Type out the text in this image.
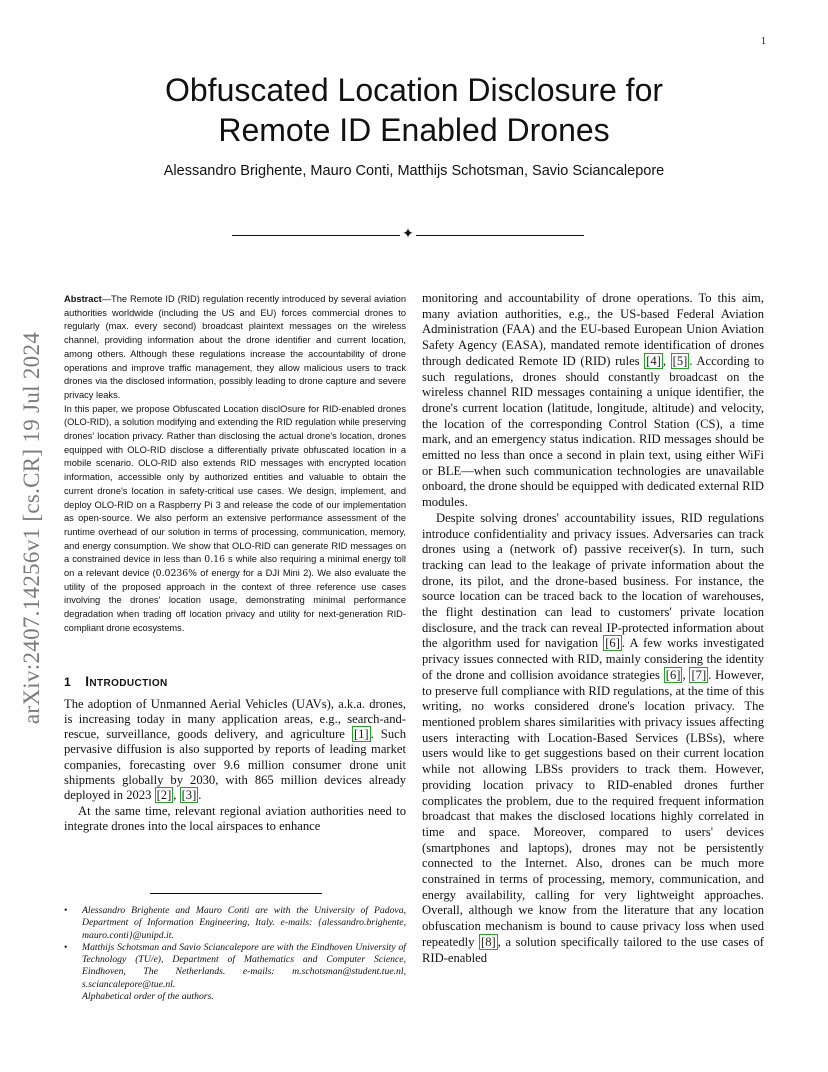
1
arXiv:2407.14256v1 [cs.CR] 19 Jul 2024
Obfuscated Location Disclosure for
Remote ID Enabled Drones
Alessandro Brighente, Mauro Conti, Matthijs Schotsman, Savio Sciancalepore
✦

Abstract—The Remote ID (RID) regulation recently introduced by several aviation authorities worldwide (including the US and EU) forces commercial drones to regularly (max. every second) broadcast plaintext messages on the wireless channel, providing information about the drone identifier and current location, among others. Although these regulations increase the accountability of drone operations and improve traffic management, they allow malicious users to track drones via the disclosed information, possibly leading to drone capture and severe privacy leaks.

In this paper, we propose Obfuscated Location disclOsure for RID-enabled drones (OLO-RID), a solution modifying and extending the RID regulation while preserving drones' location privacy. Rather than disclosing the actual drone's location, drones equipped with OLO-RID disclose a differentially private obfuscated location in a mobile scenario. OLO-RID also extends RID messages with encrypted location information, accessible only by authorized entities and valuable to obtain the current drone's location in safety-critical use cases. We design, implement, and deploy OLO-RID on a Raspberry Pi 3 and release the code of our implementation as open-source. We also perform an extensive performance assessment of the runtime overhead of our solution in terms of processing, communication, memory, and energy consumption. We show that OLO-RID can generate RID messages on a constrained device in less than 0.16 s while also requiring a minimal energy toll on a relevant device (0.0236% of energy for a DJI Mini 2). We also evaluate the utility of the proposed approach in the context of three reference use cases involving the drones' location usage, demonstrating minimal performance degradation when trading off location privacy and utility for next-generation RID-compliant drone ecosystems.

1 INTRODUCTION

The adoption of Unmanned Aerial Vehicles (UAVs), a.k.a. drones, is increasing today in many application areas, e.g., search-and-rescue, surveillance, goods delivery, and agriculture [1] . Such pervasive diffusion is also supported by reports of leading market companies, forecasting over 9.6 million consumer drone unit shipments globally by 2030, with 865 million devices already deployed in 2023 [2] , [3] .

At the same time, relevant regional aviation authorities need to integrate drones into the local airspaces to enhance

• Alessandro Brighente and Mauro Conti are with the University of Padova, Department of Information Engineering, Italy. e-mails: {alessandro.brighente, mauro.conti}@unipd.it.

• Matthijs Schotsman and Savio Sciancalepore are with the Eindhoven University of Technology (TU/e), Department of Mathematics and Computer Science, Eindhoven, The Netherlands. e-mails: m.schotsman@student.tue.nl, s.sciancalepore@tue.nl.

Alphabetical order of the authors.

monitoring and accountability of drone operations. To this aim, many aviation authorities, e.g., the US-based Federal Aviation Administration (FAA) and the EU-based European Union Aviation Safety Agency (EASA), mandated remote identification of drones through dedicated Remote ID (RID) rules [4] , [5] . According to such regulations, drones should constantly broadcast on the wireless channel RID messages containing a unique identifier, the drone's current location (latitude, longitude, altitude) and velocity, the location of the corresponding Control Station (CS), a time mark, and an emergency status indication. RID messages should be emitted no less than once a second in plain text, using either WiFi or BLE—when such communication technologies are unavailable onboard, the drone should be equipped with dedicated external RID modules.

Despite solving drones' accountability issues, RID regulations introduce confidentiality and privacy issues. Adversaries can track drones using a (network of) passive receiver(s). In turn, such tracking can lead to the leakage of private information about the drone, its pilot, and the drone-based business. For instance, the source location can be traced back to the location of warehouses, the flight destination can lead to customers' private location disclosure, and the track can reveal IP-protected information about the algorithm used for navigation [6] . A few works investigated privacy issues connected with RID, mainly considering the identity of the drone and collision avoidance strategies [6] , [7] . However, to preserve full compliance with RID regulations, at the time of this writing, no works considered drone's location privacy. The mentioned problem shares similarities with privacy issues affecting users interacting with Location-Based Services (LBSs), where users would like to get suggestions based on their current location while not allowing LBSs providers to track them. However, providing location privacy to RID-enabled drones further complicates the problem, due to the required frequent information broadcast that makes the disclosed locations highly correlated in time and space. Moreover, compared to users' devices (smartphones and laptops), drones may not be persistently connected to the Internet. Also, drones can be much more constrained in terms of processing, memory, communication, and energy availability, calling for very lightweight approaches. Overall, although we know from the literature that any location obfuscation mechanism is bound to cause privacy loss when used repeatedly [8] , a solution specifically tailored to the use cases of RID-enabled
